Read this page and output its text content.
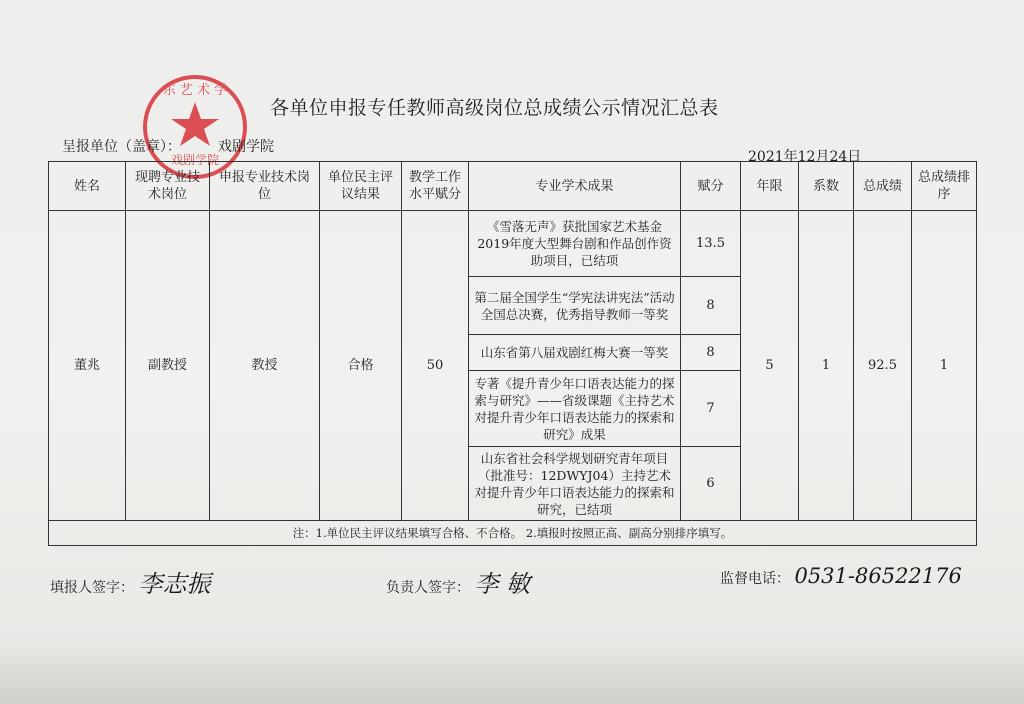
东 艺 术 学
戏剧学院
各单位申报专任教师高级岗位总成绩公示情况汇总表
呈报单位（盖章）：	戏剧学院
2021年12月24日
姓名	现聘专业技术岗位	申报专业技术岗位	单位民主评议结果	教学工作水平赋分	专业学术成果	赋分	年限	系数	总成绩	总成绩排序
董兆	副教授	教授	合格	50	《雪落无声》获批国家艺术基金2019年度大型舞台剧和作品创作资助项目，已结项	13.5	5	1	92.5	1
					第二届全国学生“学宪法讲宪法”活动全国总决赛，优秀指导教师一等奖	8				
					山东省第八届戏剧红梅大赛一等奖	8				
					专著《提升青少年口语表达能力的探索与研究》——省级课题《主持艺术对提升青少年口语表达能力的探索和研究》成果	7				
					山东省社会科学规划研究青年项目（批准号：12DWYJ04）主持艺术对提升青少年口语表达能力的探索和研究，已结项	6				
注：1.单位民主评议结果填写合格、不合格。 2.填报时按照正高、副高分别排序填写。										
填报人签字： 李志振	负责人签字： 李 敏	监督电话： 0531-86522176
